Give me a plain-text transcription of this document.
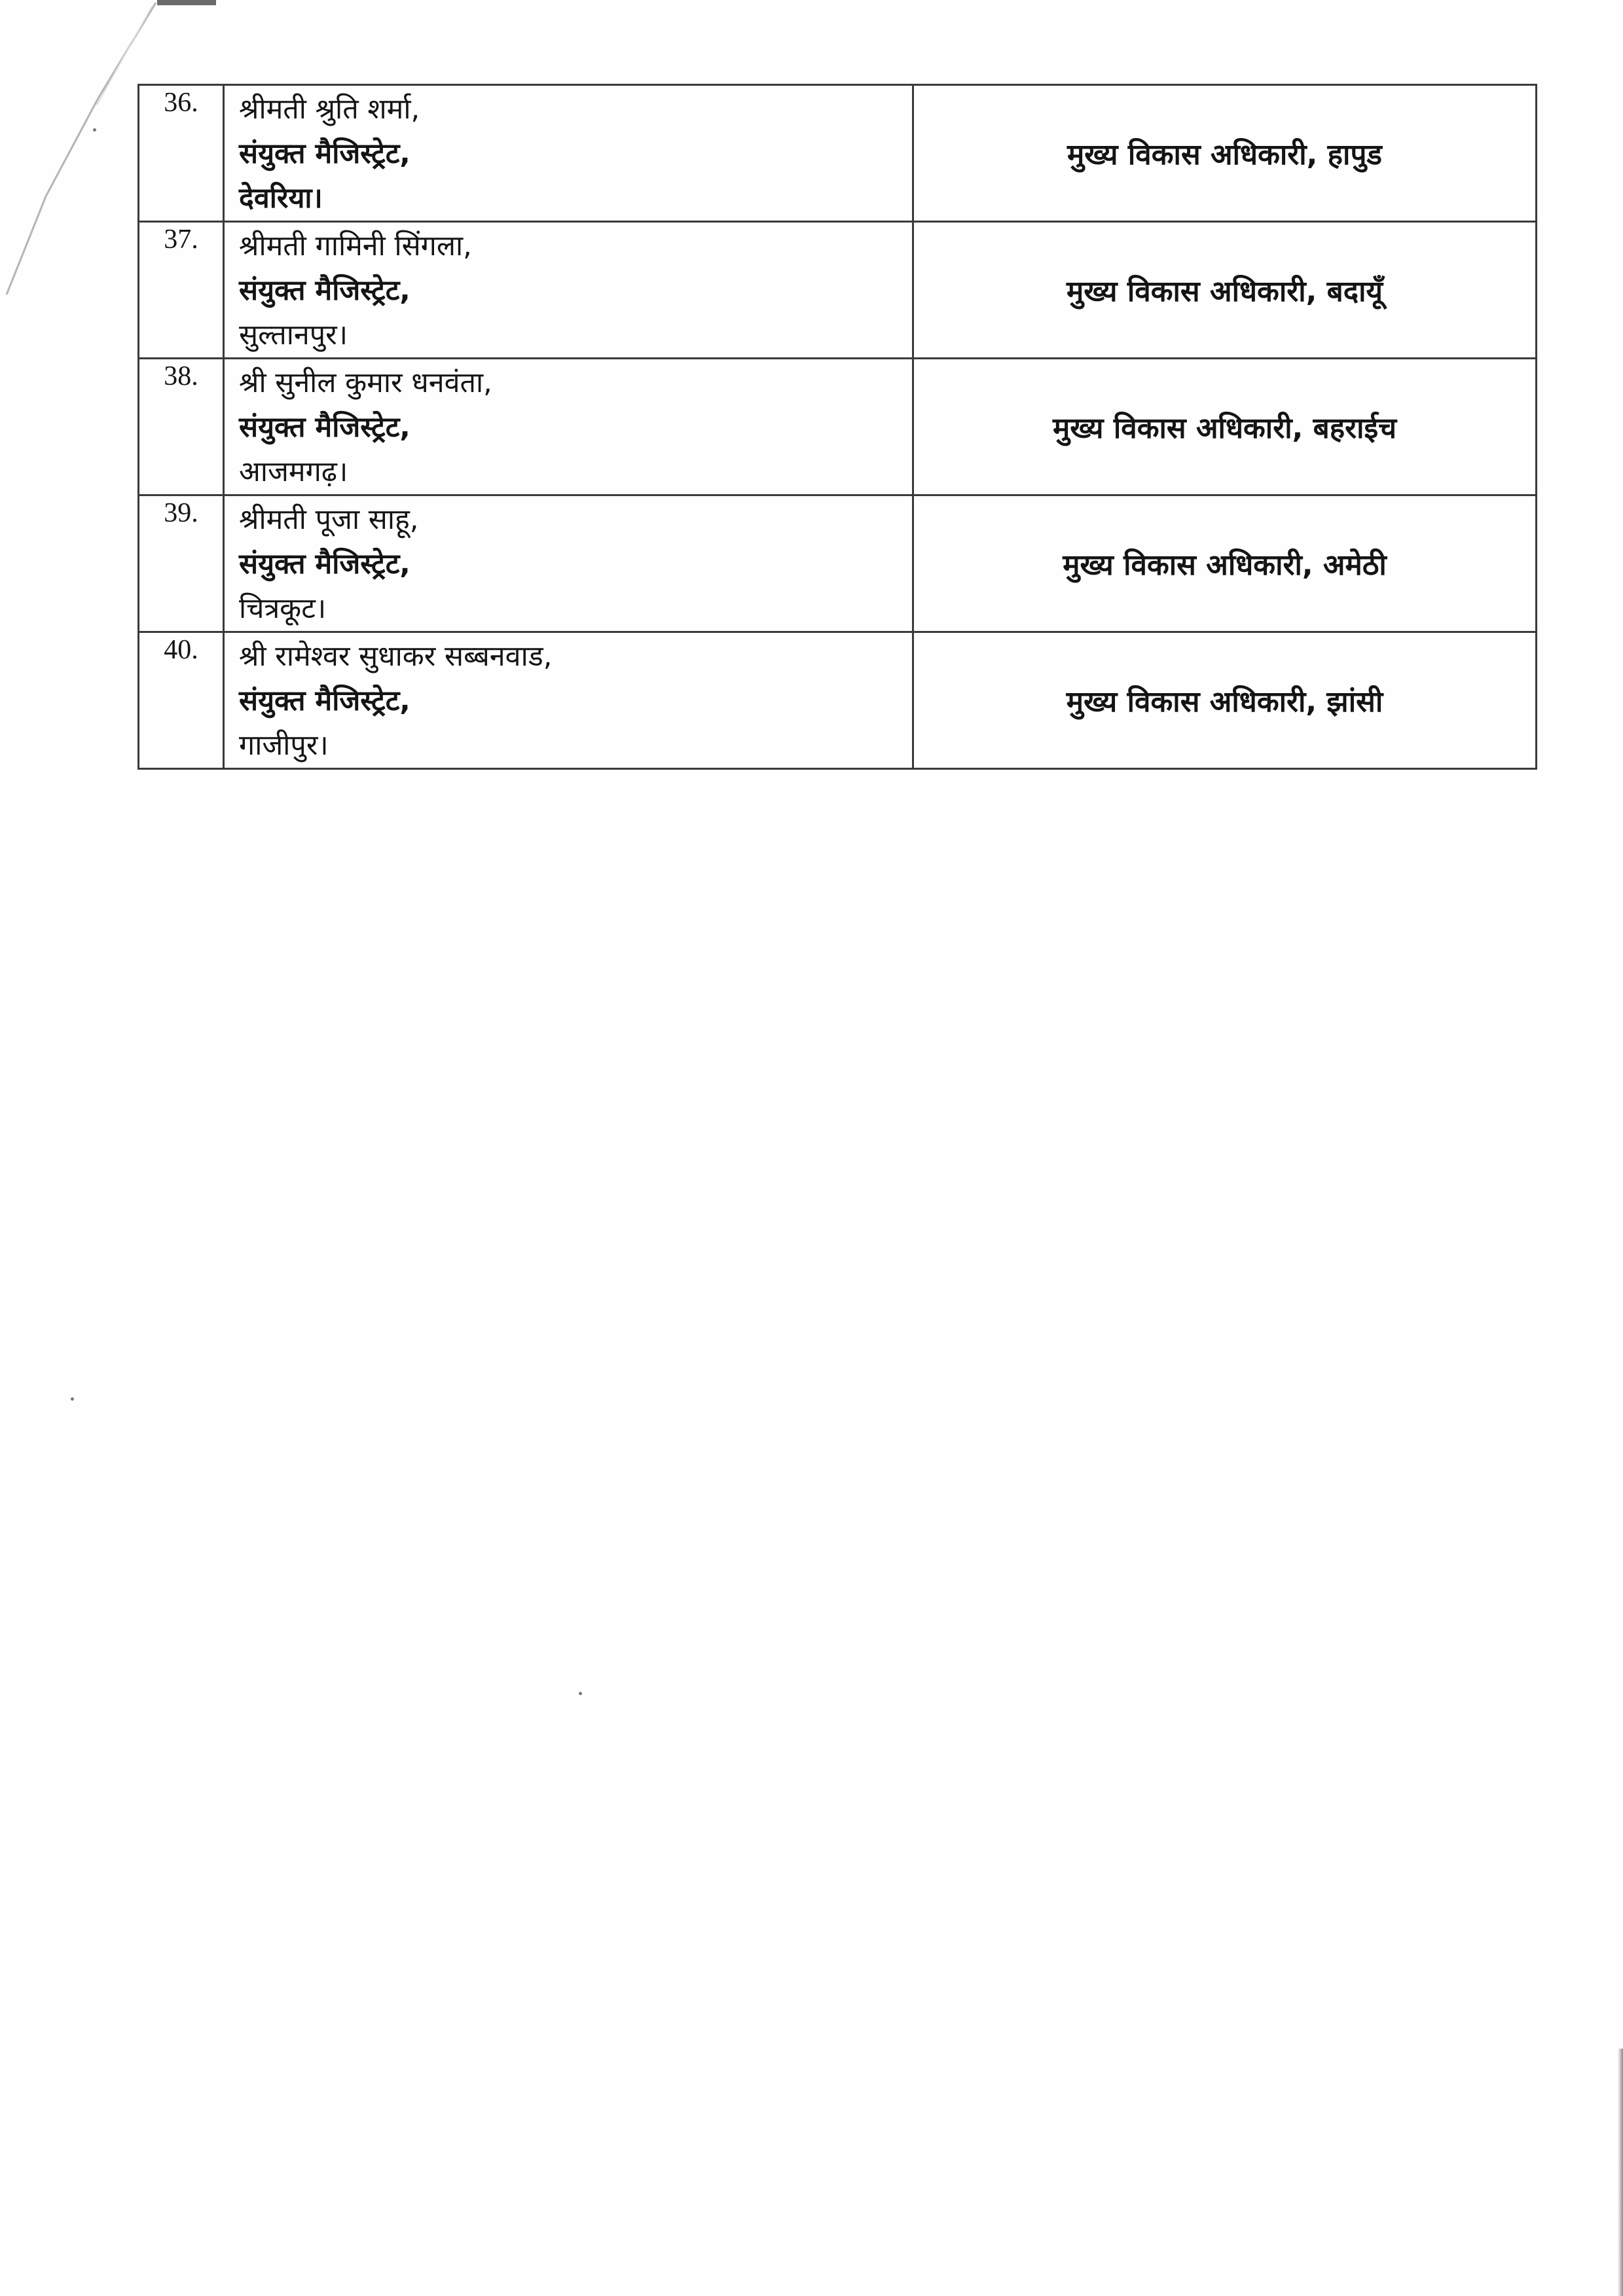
36.	श्रीमती श्रुति शर्मा,
संयुक्त मैजिस्ट्रेट,
देवरिया।	मुख्य विकास अधिकारी, हापुड

37.	श्रीमती गामिनी सिंगला,
संयुक्त मैजिस्ट्रेट,
सुल्तानपुर।	मुख्य विकास अधिकारी, बदायूँ

38.	श्री सुनील कुमार धनवंता,
संयुक्त मैजिस्ट्रेट,
आजमगढ़।	मुख्य विकास अधिकारी, बहराईच

39.	श्रीमती पूजा साहू,
संयुक्त मैजिस्ट्रेट,
चित्रकूट।	मुख्य विकास अधिकारी, अमेठी

40.	श्री रामेश्वर सुधाकर सब्बनवाड,
संयुक्त मैजिस्ट्रेट,
गाजीपुर।	मुख्य विकास अधिकारी, झांसी
